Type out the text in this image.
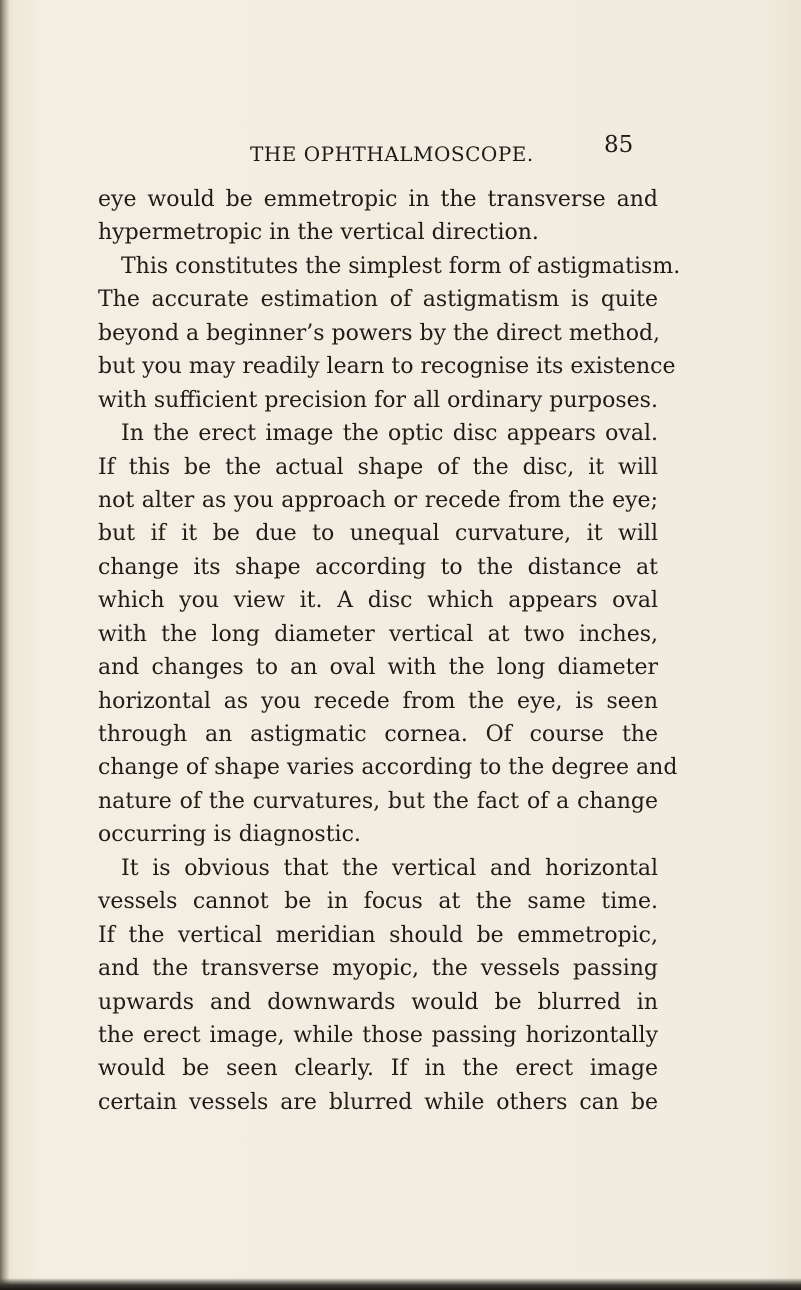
THE OPHTHALMOSCOPE.	85
eye would be emmetropic in the transverse and
hypermetropic in the vertical direction.
This constitutes the simplest form of astigmatism.
The accurate estimation of astigmatism is quite
beyond a beginner’s powers by the direct method,
but you may readily learn to recognise its existence
with sufficient precision for all ordinary purposes.
In the erect image the optic disc appears oval.
If this be the actual shape of the disc, it will
not alter as you approach or recede from the eye;
but if it be due to unequal curvature, it will
change its shape according to the distance at
which you view it. A disc which appears oval
with the long diameter vertical at two inches,
and changes to an oval with the long diameter
horizontal as you recede from the eye, is seen
through an astigmatic cornea. Of course the
change of shape varies according to the degree and
nature of the curvatures, but the fact of a change
occurring is diagnostic.
It is obvious that the vertical and horizontal
vessels cannot be in focus at the same time.
If the vertical meridian should be emmetropic,
and the transverse myopic, the vessels passing
upwards and downwards would be blurred in
the erect image, while those passing horizontally
would be seen clearly. If in the erect image
certain vessels are blurred while others can be
